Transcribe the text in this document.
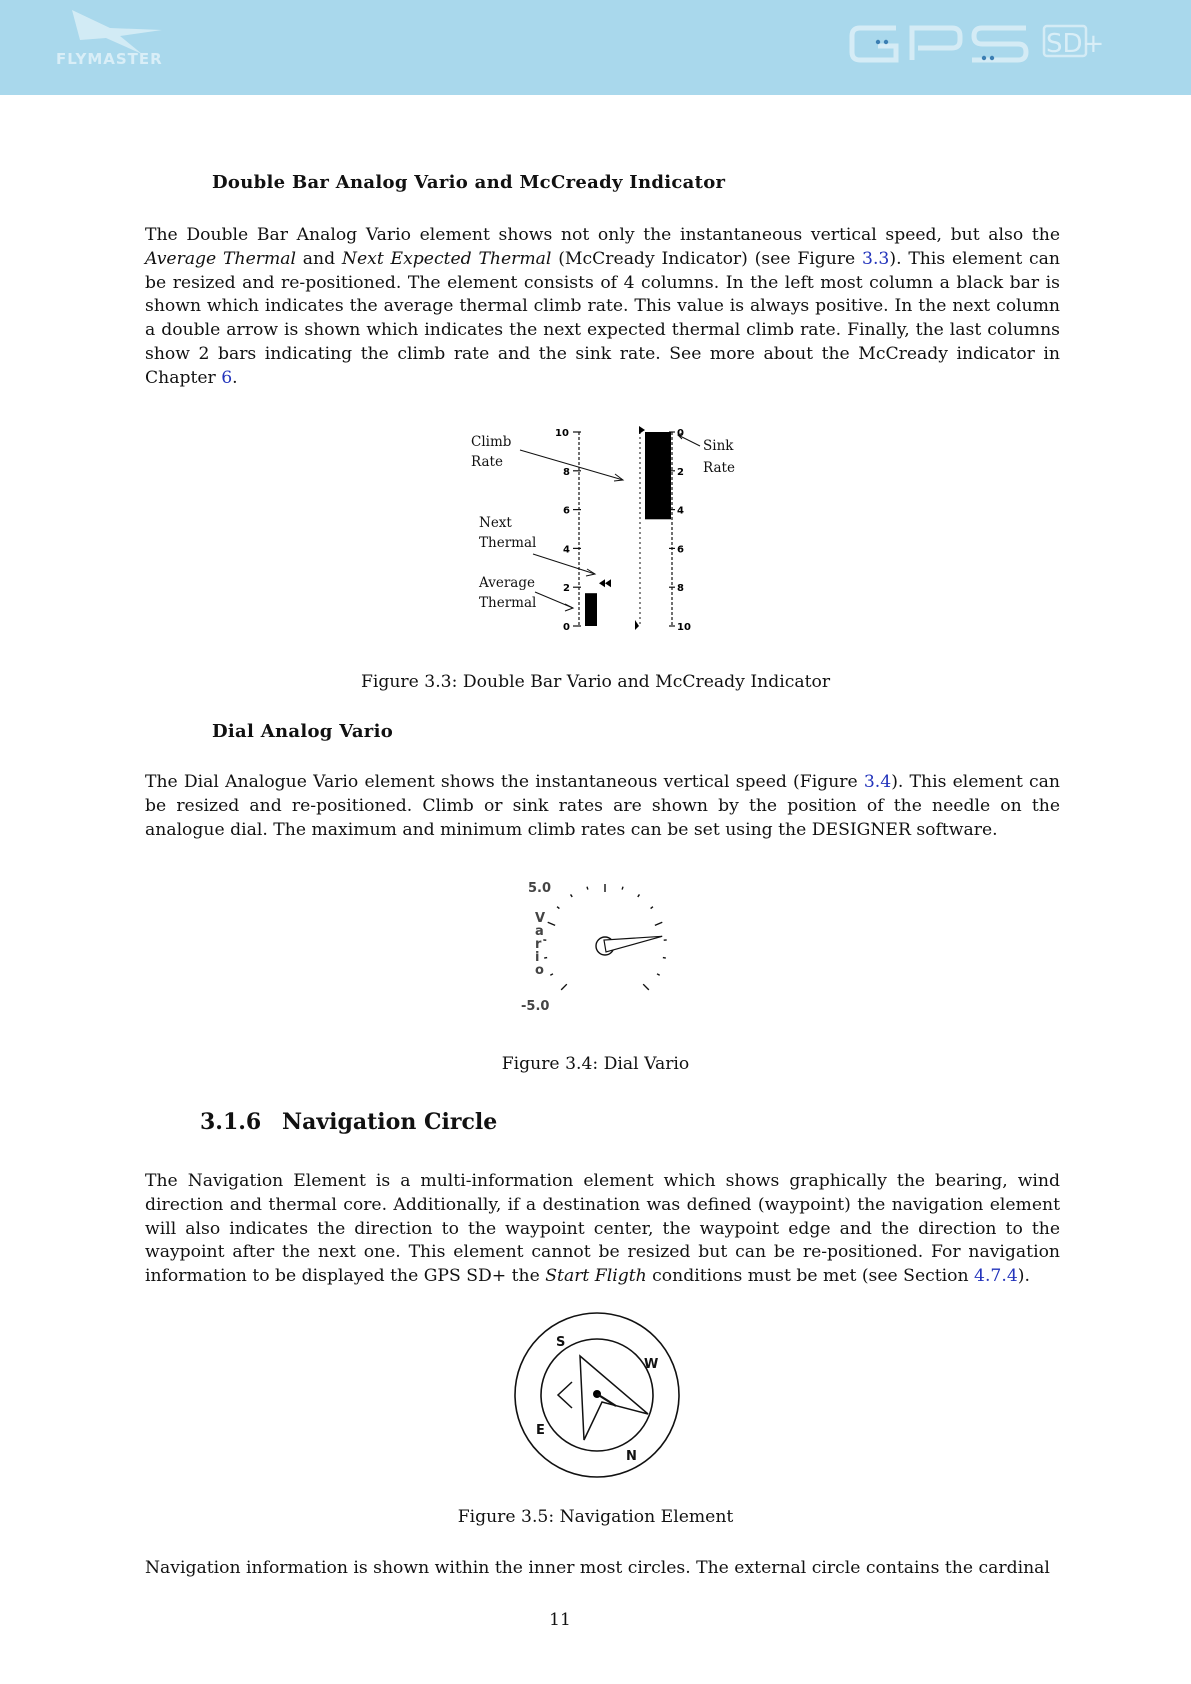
FLYMASTER	SD+
Double Bar Analog Vario and McCready Indicator
The Double Bar Analog Vario element shows not only the instantaneous vertical speed, but also the Average Thermal and Next Expected Thermal (McCready Indicator) (see Figure 3.3). This element can be resized and re-positioned. The element consists of 4 columns. In the left most column a black bar is shown which indicates the average thermal climb rate. This value is always positive. In the next column a double arrow is shown which indicates the next expected thermal climb rate. Finally, the last columns show 2 bars indicating the climb rate and the sink rate. See more about the McCready indicator in Chapter 6.
Climb
Rate
Next
Thermal
Average
Thermal
Sink
Rate
10
8
6
4
2
0
0
2
4
6
8
10
Figure 3.3: Double Bar Vario and McCready Indicator
Dial Analog Vario
The Dial Analogue Vario element shows the instantaneous vertical speed (Figure 3.4). This element can be resized and re-positioned. Climb or sink rates are shown by the position of the needle on the analogue dial. The maximum and minimum climb rates can be set using the DESIGNER software.
5.0
-5.0
V
a
r
i
o
Figure 3.4: Dial Vario
3.1.6 Navigation Circle
The Navigation Element is a multi-information element which shows graphically the bearing, wind direction and thermal core. Additionally, if a destination was defined (waypoint) the navigation element will also indicates the direction to the waypoint center, the waypoint edge and the direction to the waypoint after the next one. This element cannot be resized but can be re-positioned. For navigation information to be displayed the GPS SD+ the Start Fligth conditions must be met (see Section 4.7.4).
S
W
E
N
Figure 3.5: Navigation Element
Navigation information is shown within the inner most circles. The external circle contains the cardinal
11
